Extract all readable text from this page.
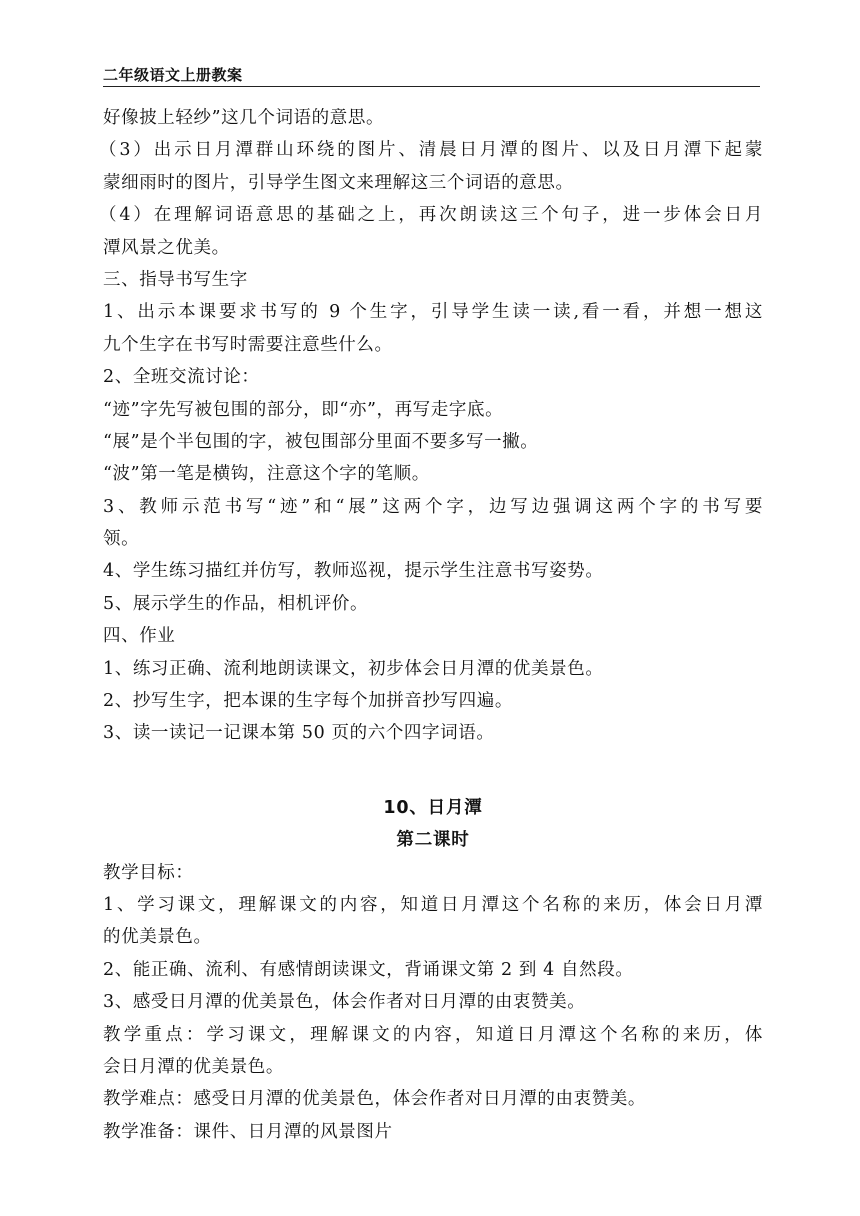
二年级语文上册教案
好像披上轻纱”这几个词语的意思。
（3）出示日月潭群山环绕的图片、清晨日月潭的图片、以及日月潭下起蒙
蒙细雨时的图片，引导学生图文来理解这三个词语的意思。
（4）在理解词语意思的基础之上，再次朗读这三个句子，进一步体会日月
潭风景之优美。
三、指导书写生字
1、出示本课要求书写的 9 个生字，引导学生读一读,看一看，并想一想这
九个生字在书写时需要注意些什么。
2、全班交流讨论：
“迹”字先写被包围的部分，即“亦”，再写走字底。
“展”是个半包围的字，被包围部分里面不要多写一撇。
“波”第一笔是横钩，注意这个字的笔顺。
3、教师示范书写“迹”和“展”这两个字，边写边强调这两个字的书写要
领。
4、学生练习描红并仿写，教师巡视，提示学生注意书写姿势。
5、展示学生的作品，相机评价。
四、作业
1、练习正确、流利地朗读课文，初步体会日月潭的优美景色。
2、抄写生字，把本课的生字每个加拼音抄写四遍。
3、读一读记一记课本第 50 页的六个四字词语。
10、日月潭
第二课时
教学目标：
1、学习课文，理解课文的内容，知道日月潭这个名称的来历，体会日月潭
的优美景色。
2、能正确、流利、有感情朗读课文，背诵课文第 2 到 4 自然段。
3、感受日月潭的优美景色，体会作者对日月潭的由衷赞美。
教学重点：学习课文，理解课文的内容，知道日月潭这个名称的来历，体
会日月潭的优美景色。
教学难点：感受日月潭的优美景色，体会作者对日月潭的由衷赞美。
教学准备：课件、日月潭的风景图片
